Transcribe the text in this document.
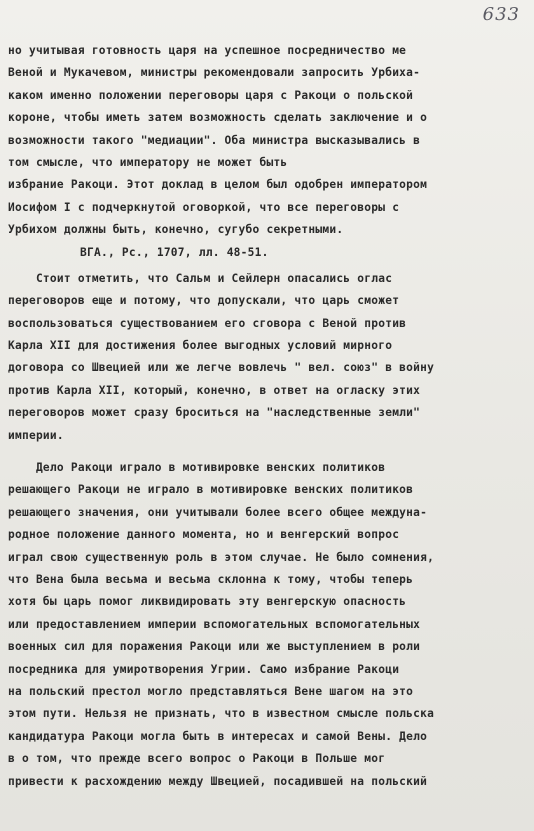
633
но учитывая готовность царя на успешное посредничество ме
Веной и Мукачевом, министры рекомендовали запросить Урбиха-
каком именно положении переговоры царя с Ракоци о польской
короне, чтобы иметь затем возможность сделать заключение и о
возможности такого "медиации". Оба министра высказывались в
том смысле, что императору не может быть
избрание Ракоци. Этот доклад в целом был одобрен императором
Иосифом I с подчеркнутой оговоркой, что все переговоры с
Урбихом должны быть, конечно, сугубо секретными.
ВГА., Рс., 1707, лл. 48-51.
Стоит отметить, что Сальм и Сейлерн опасались оглас
переговоров еще и потому, что допускали, что царь сможет
воспользоваться существованием его сговора с Веной против
Карла XII для достижения более выгодных условий мирного
договора со Швецией или же легче вовлечь " вел. союз" в войну
против Карла XII, который, конечно, в ответ на огласку этих
переговоров может сразу броситься на "наследственные земли"
империи.
Дело Ракоци играло в мотивировке венских политиков
решающего Ракоци не играло в мотивировке венских политиков
решающего значения, они учитывали более всего общее междуна-
родное положение данного момента, но и венгерский вопрос
играл свою существенную роль в этом случае. Не было сомнения,
что Вена была весьма и весьма склонна к тому, чтобы теперь
хотя бы царь помог ликвидировать эту венгерскую опасность
или предоставлением империи вспомогательных вспомогательных
военных сил для поражения Ракоци или же выступлением в роли
посредника для умиротворения Угрии. Само избрание Ракоци
на польский престол могло представляться Вене шагом на это
этом пути. Нельзя не признать, что в известном смысле польска
кандидатура Ракоци могла быть в интересах и самой Вены. Дело
в о том, что прежде всего вопрос о Ракоци в Польше мог
привести к расхождению между Швецией, посадившей на польский
